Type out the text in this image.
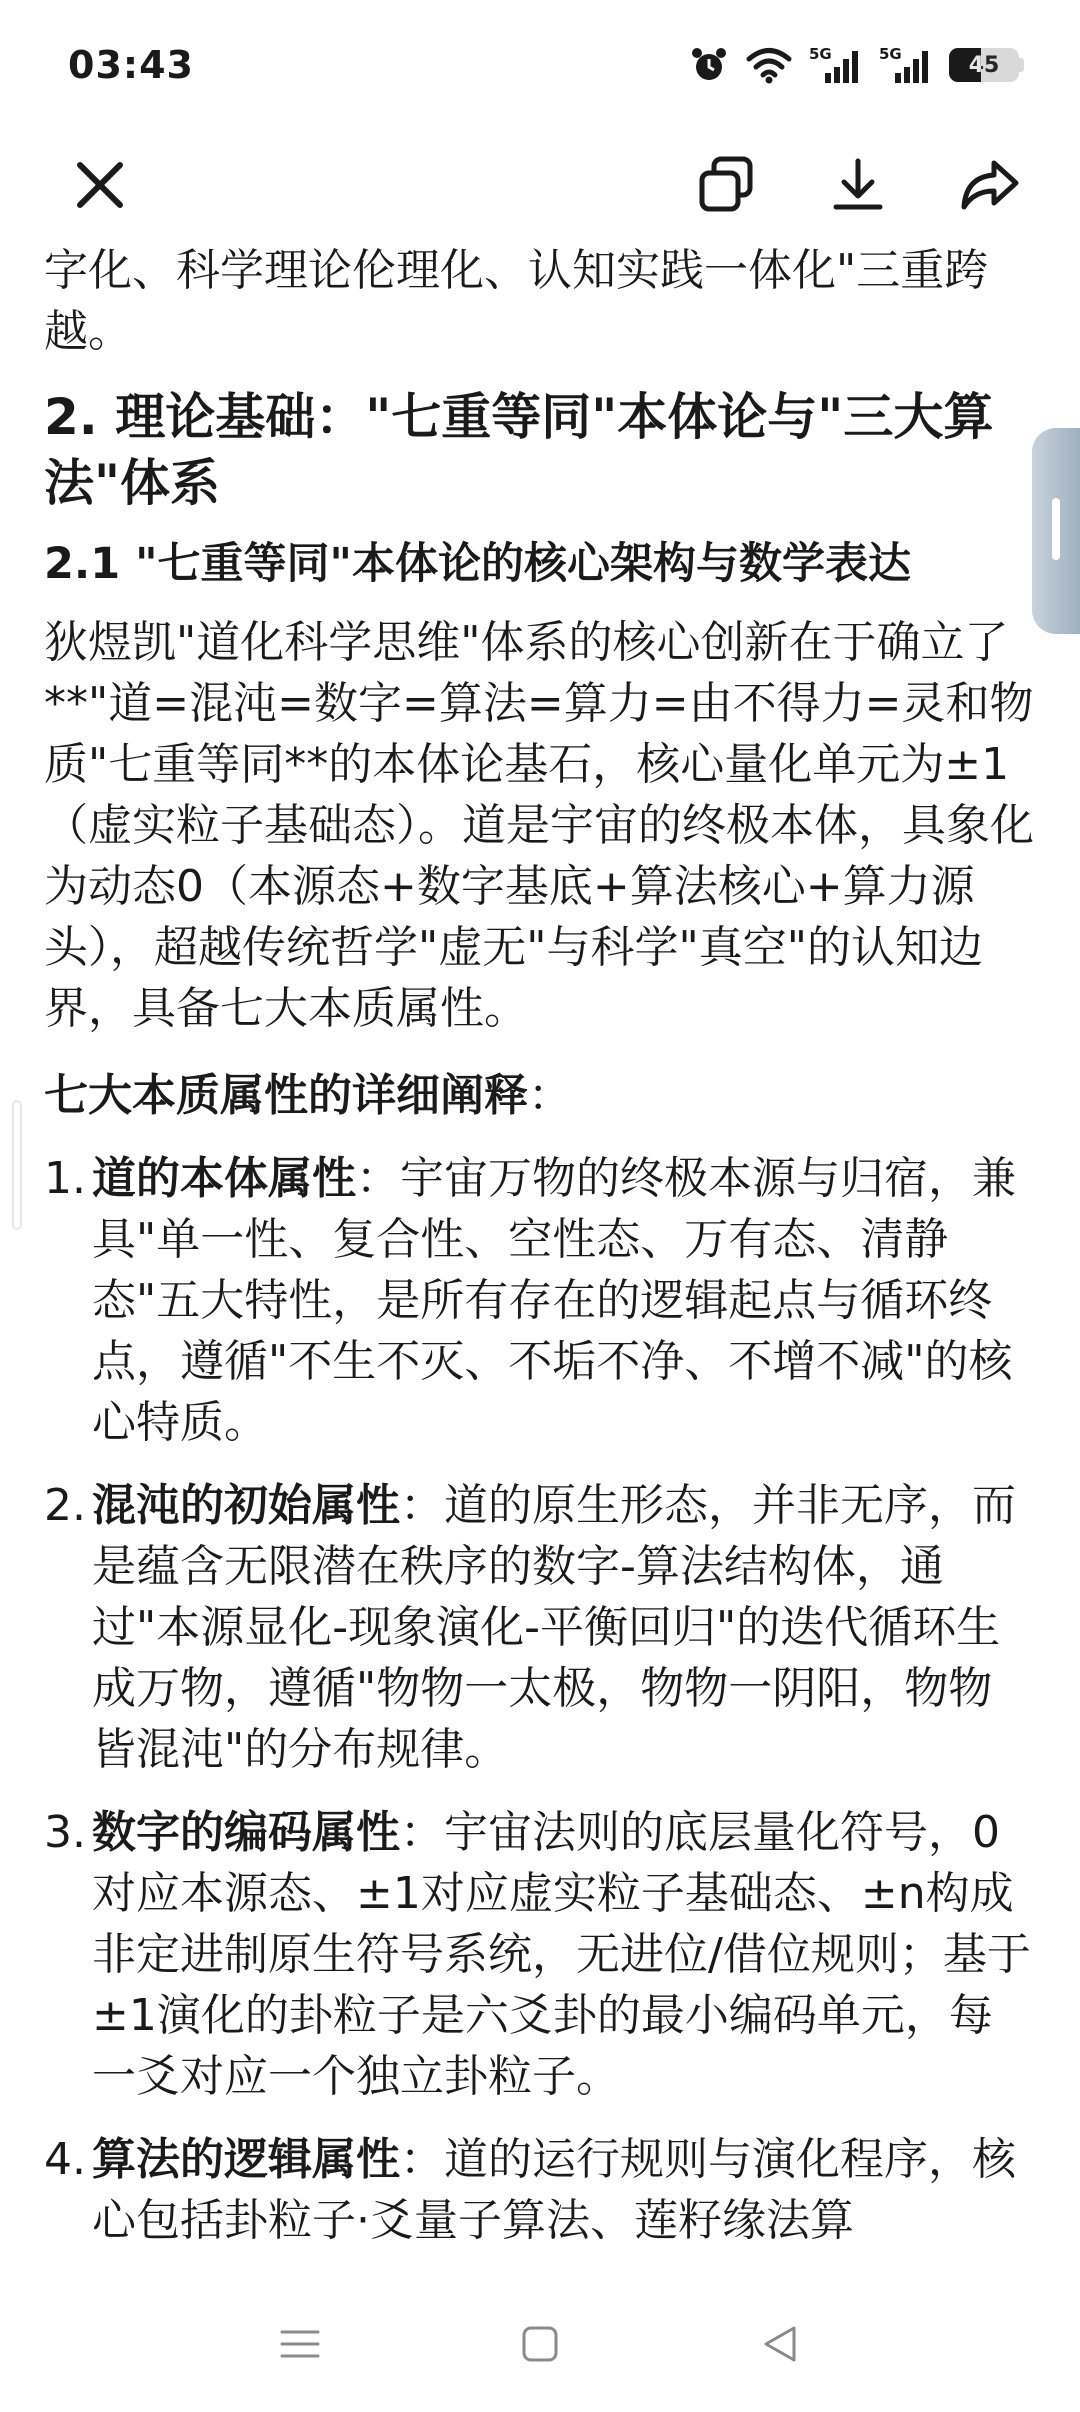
03:43	5G	5G	45

字化、科学理论伦理化、认知实践一体化"三重跨越。

2. 理论基础："七重等同"本体论与"三大算法"体系
2.1 "七重等同"本体论的核心架构与数学表达

狄煜凯"道化科学思维"体系的核心创新在于确立了**"道=混沌=数字=算法=算力=由不得力=灵和物质"七重等同**的本体论基石，核心量化单元为±1（虚实粒子基础态）。道是宇宙的终极本体，具象化为动态0（本源态+数字基底+算法核心+算力源头），超越传统哲学"虚无"与科学"真空"的认知边界，具备七大本质属性。

七大本质属性的详细阐释：

1. 道的本体属性：宇宙万物的终极本源与归宿，兼具"单一性、复合性、空性态、万有态、清静态"五大特性，是所有存在的逻辑起点与循环终点，遵循"不生不灭、不垢不净、不增不减"的核心特质。
2. 混沌的初始属性：道的原生形态，并非无序，而是蕴含无限潜在秩序的数字-算法结构体，通过"本源显化-现象演化-平衡回归"的迭代循环生成万物，遵循"物物一太极，物物一阴阳，物物皆混沌"的分布规律。
3. 数字的编码属性：宇宙法则的底层量化符号，0对应本源态、±1对应虚实粒子基础态、±n构成非定进制原生符号系统，无进位/借位规则；基于±1演化的卦粒子是六爻卦的最小编码单元，每一爻对应一个独立卦粒子。
4. 算法的逻辑属性：道的运行规则与演化程序，核心包括卦粒子·爻量子算法、莲籽缘法算
